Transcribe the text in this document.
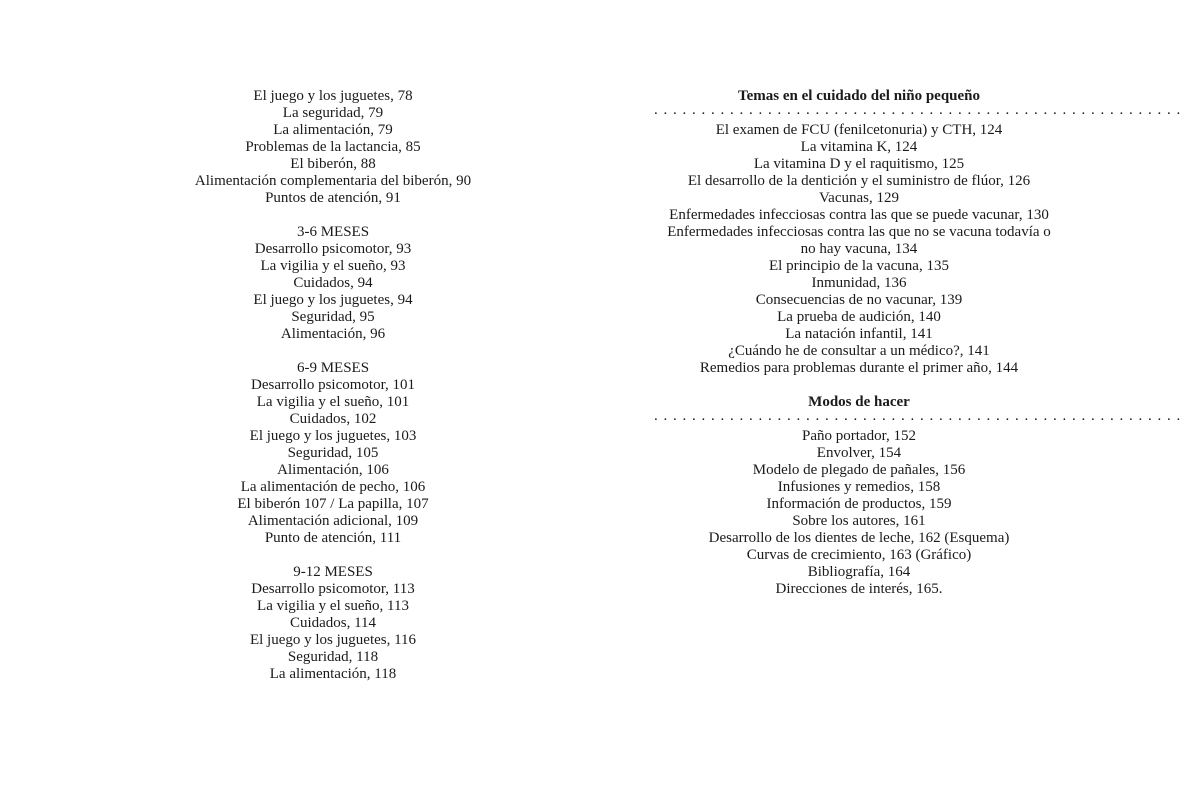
El juego y los juguetes, 78
La seguridad, 79
La alimentación, 79
Problemas de la lactancia, 85
El biberón, 88
Alimentación complementaria del biberón, 90
Puntos de atención, 91
3-6 MESES
Desarrollo psicomotor, 93
La vigilia y el sueño, 93
Cuidados, 94
El juego y los juguetes, 94
Seguridad, 95
Alimentación, 96
6-9 MESES
Desarrollo psicomotor, 101
La vigilia y el sueño, 101
Cuidados, 102
El juego y los juguetes, 103
Seguridad, 105
Alimentación, 106
La alimentación de pecho, 106
El biberón 107 / La papilla, 107
Alimentación adicional, 109
Punto de atención, 111
9-12 MESES
Desarrollo psicomotor, 113
La vigilia y el sueño, 113
Cuidados, 114
El juego y los juguetes, 116
Seguridad, 118
La alimentación, 118
Temas en el cuidado del niño pequeño
. . . . . . . . . . . . . . . . . . . . . . . . . . . . . . . . . . . . . . . . . . . . . . . . . . . . . . . .
El examen de FCU (fenilcetonuria) y CTH, 124
La vitamina K, 124
La vitamina D y el raquitismo, 125
El desarrollo de la dentición y el suministro de flúor, 126
Vacunas, 129
Enfermedades infecciosas contra las que se puede vacunar, 130
Enfermedades infecciosas contra las que no se vacuna todavía o
no hay vacuna, 134
El principio de la vacuna, 135
Inmunidad, 136
Consecuencias de no vacunar, 139
La prueba de audición, 140
La natación infantil, 141
¿Cuándo he de consultar a un médico?, 141
Remedios para problemas durante el primer año, 144
Modos de hacer
. . . . . . . . . . . . . . . . . . . . . . . . . . . . . . . . . . . . . . . . . . . . . . . . . . . . . . . .
Paño portador, 152
Envolver, 154
Modelo de plegado de pañales, 156
Infusiones y remedios, 158
Información de productos, 159
Sobre los autores, 161
Desarrollo de los dientes de leche, 162 (Esquema)
Curvas de crecimiento, 163 (Gráfico)
Bibliografía, 164
Direcciones de interés, 165.
